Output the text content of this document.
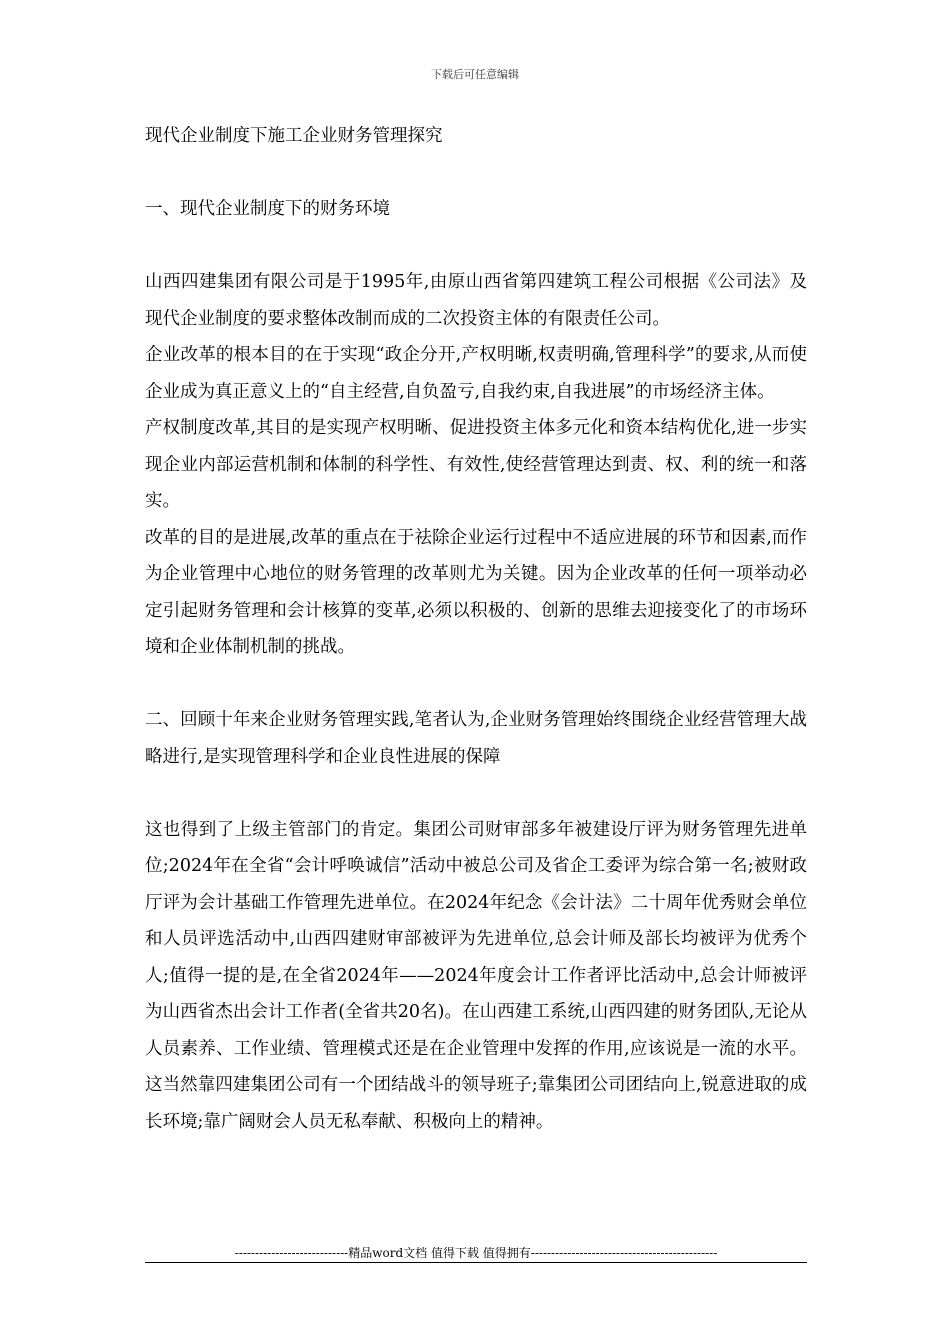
下载后可任意编辑

现代企业制度下施工企业财务管理探究

一、现代企业制度下的财务环境

山西四建集团有限公司是于1995年,由原山西省第四建筑工程公司根据《公司法》及现代企业制度的要求整体改制而成的二次投资主体的有限责任公司。

企业改革的根本目的在于实现“政企分开,产权明晰,权责明确,管理科学”的要求,从而使企业成为真正意义上的“自主经营,自负盈亏,自我约束,自我进展”的市场经济主体。

产权制度改革,其目的是实现产权明晰、促进投资主体多元化和资本结构优化,进一步实现企业内部运营机制和体制的科学性、有效性,使经营管理达到责、权、利的统一和落实。

改革的目的是进展,改革的重点在于祛除企业运行过程中不适应进展的环节和因素,而作为企业管理中心地位的财务管理的改革则尤为关键。因为企业改革的任何一项举动必定引起财务管理和会计核算的变革,必须以积极的、创新的思维去迎接变化了的市场环境和企业体制机制的挑战。

二、回顾十年来企业财务管理实践,笔者认为,企业财务管理始终围绕企业经营管理大战略进行,是实现管理科学和企业良性进展的保障

这也得到了上级主管部门的肯定。集团公司财审部多年被建设厅评为财务管理先进单位;2024年在全省“会计呼唤诚信”活动中被总公司及省企工委评为综合第一名;被财政厅评为会计基础工作管理先进单位。在2024年纪念《会计法》二十周年优秀财会单位和人员评选活动中,山西四建财审部被评为先进单位,总会计师及部长均被评为优秀个人;值得一提的是,在全省2024年——2024年度会计工作者评比活动中,总会计师被评为山西省杰出会计工作者(全省共20名)。在山西建工系统,山西四建的财务团队,无论从人员素养、工作业绩、管理模式还是在企业管理中发挥的作用,应该说是一流的水平。这当然靠四建集团公司有一个团结战斗的领导班子;靠集团公司团结向上,锐意进取的成长环境;靠广阔财会人员无私奉献、积极向上的精神。

----------------------------精品word文档 值得下载 值得拥有----------------------------------------------
